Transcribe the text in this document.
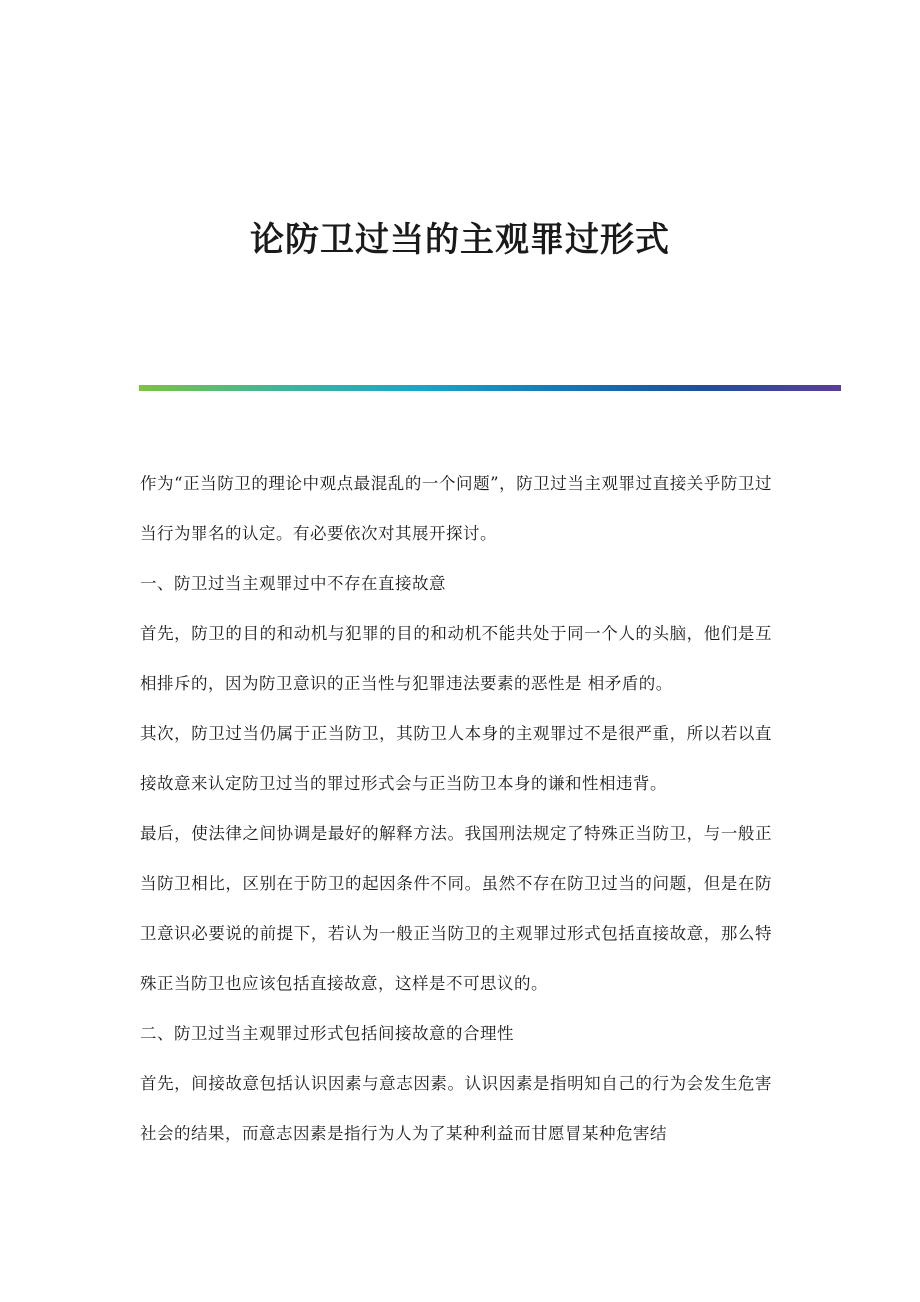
论防卫过当的主观罪过形式

作为“正当防卫的理论中观点最混乱的一个问题”，防卫过当主观罪过直接关乎防卫过当行为罪名的认定。有必要依次对其展开探讨。

一、防卫过当主观罪过中不存在直接故意

首先，防卫的目的和动机与犯罪的目的和动机不能共处于同一个人的头脑，他们是互相排斥的，因为防卫意识的正当性与犯罪违法要素的恶性是 相矛盾的。

其次，防卫过当仍属于正当防卫，其防卫人本身的主观罪过不是很严重，所以若以直接故意来认定防卫过当的罪过形式会与正当防卫本身的谦和性相违背。

最后，使法律之间协调是最好的解释方法。我国刑法规定了特殊正当防卫，与一般正当防卫相比，区别在于防卫的起因条件不同。虽然不存在防卫过当的问题，但是在防卫意识必要说的前提下，若认为一般正当防卫的主观罪过形式包括直接故意，那么特殊正当防卫也应该包括直接故意，这样是不可思议的。

二、防卫过当主观罪过形式包括间接故意的合理性

首先，间接故意包括认识因素与意志因素。认识因素是指明知自己的行为会发生危害社会的结果，而意志因素是指行为人为了某种利益而甘愿冒某种危害结
